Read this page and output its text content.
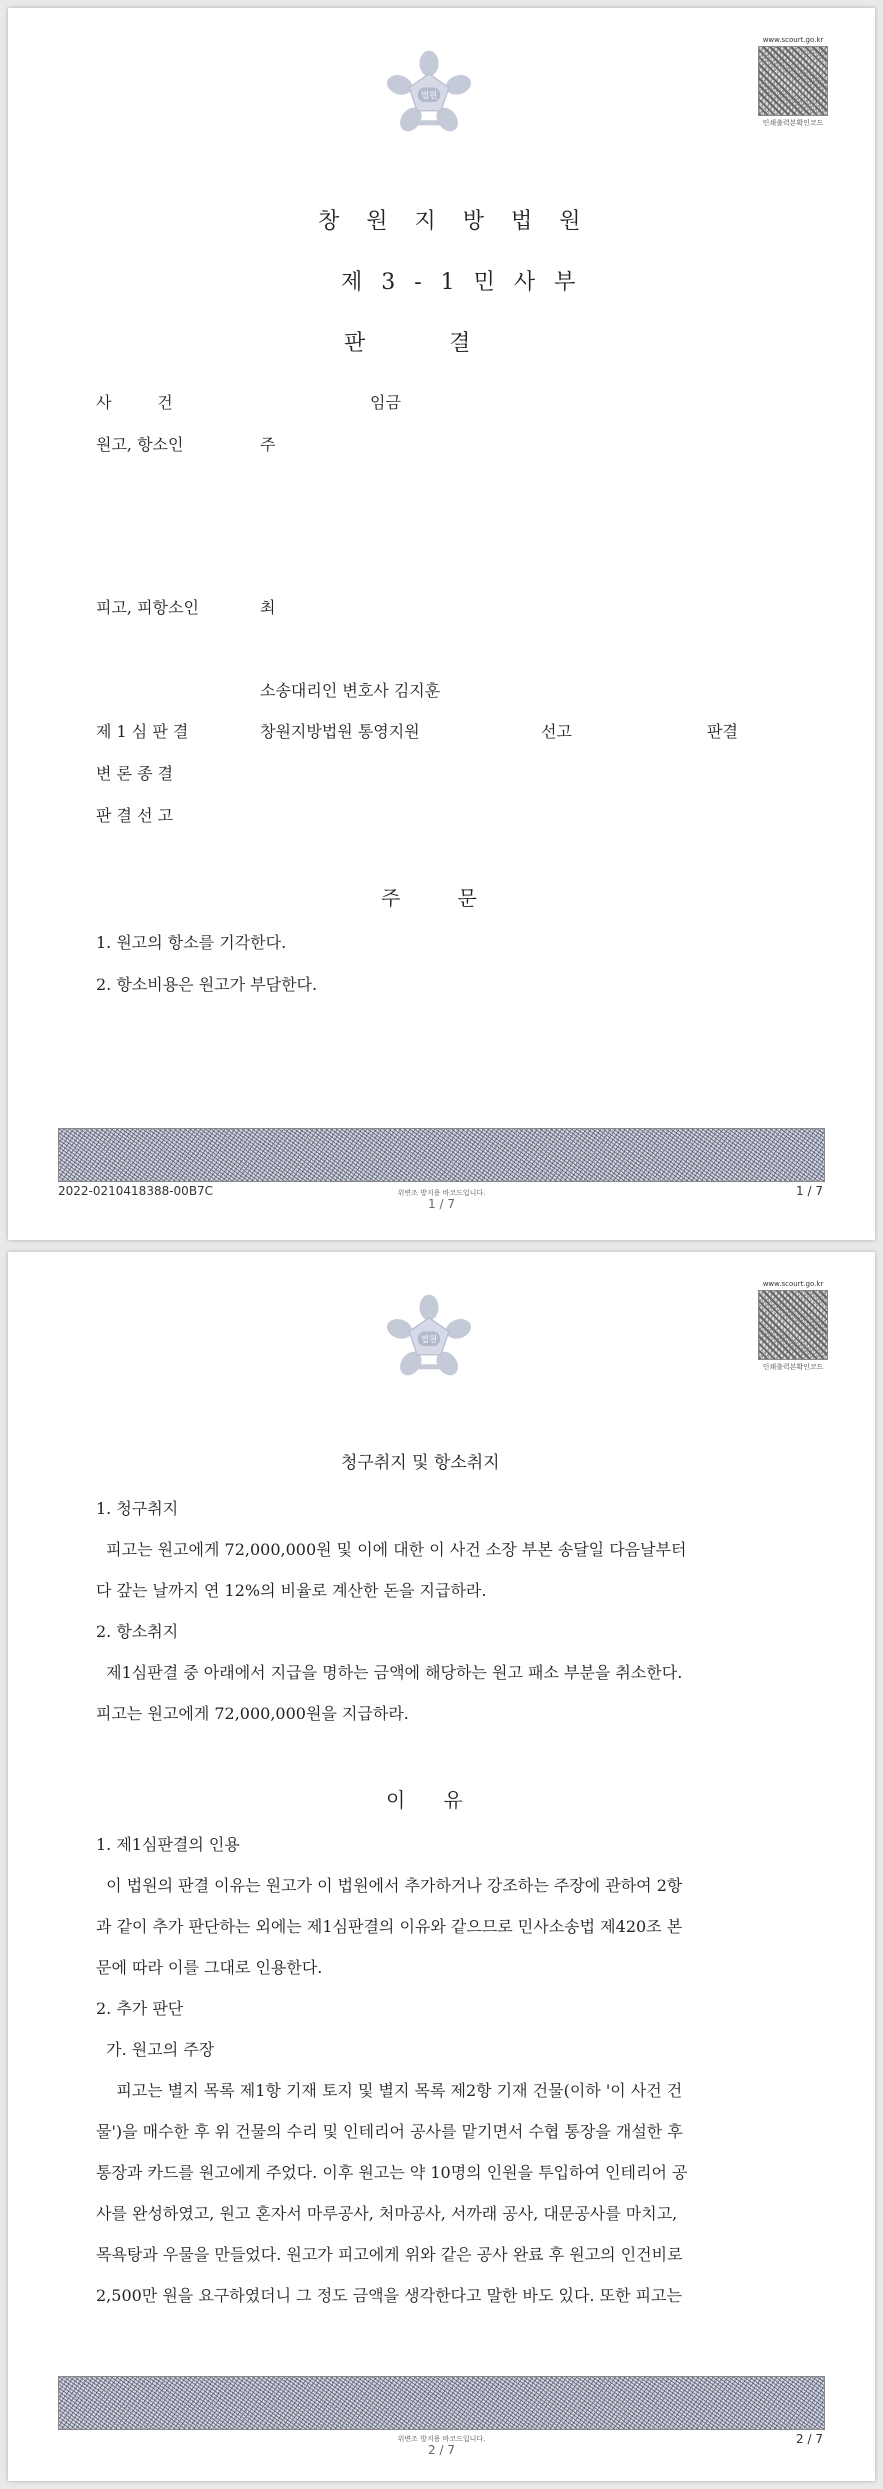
법원
www.scourt.go.kr
인쇄출력본확인코드
창 원 지 방 법 원
제 3 - 1 민 사 부
판            결
사         건	임금
원고, 항소인	주
피고, 피항소인	최
소송대리인 변호사 김지훈
제 1 심 판 결	창원지방법원 통영지원	선고	판결
변 론 종 결
판 결 선 고
주         문
1. 원고의 항소를 기각한다.
2. 항소비용은 원고가 부담한다.
2022-0210418388-00B7C	위변조 방지용 바코드입니다.
1 / 7
1 / 7
법원
www.scourt.go.kr
인쇄출력본확인코드
청구취지 및 항소취지
1. 청구취지
피고는 원고에게 72,000,000원 및 이에 대한 이 사건 소장 부본 송달일 다음날부터
다 갚는 날까지 연 12%의 비율로 계산한 돈을 지급하라.
2. 항소취지
제1심판결 중 아래에서 지급을 명하는 금액에 해당하는 원고 패소 부분을 취소한다.
피고는 원고에게 72,000,000원을 지급하라.
이      유
1. 제1심판결의 인용
이 법원의 판결 이유는 원고가 이 법원에서 추가하거나 강조하는 주장에 관하여 2항
과 같이 추가 판단하는 외에는 제1심판결의 이유와 같으므로 민사소송법 제420조 본
문에 따라 이를 그대로 인용한다.
2. 추가 판단
가. 원고의 주장
피고는 별지 목록 제1항 기재 토지 및 별지 목록 제2항 기재 건물(이하 '이 사건 건
물')을 매수한 후 위 건물의 수리 및 인테리어 공사를 맡기면서 수협 통장을 개설한 후
통장과 카드를 원고에게 주었다. 이후 원고는 약 10명의 인원을 투입하여 인테리어 공
사를 완성하였고, 원고 혼자서 마루공사, 처마공사, 서까래 공사, 대문공사를 마치고,
목욕탕과 우물을 만들었다. 원고가 피고에게 위와 같은 공사 완료 후 원고의 인건비로
2,500만 원을 요구하였더니 그 정도 금액을 생각한다고 말한 바도 있다. 또한 피고는
위변조 방지용 바코드입니다.
2 / 7
2 / 7
